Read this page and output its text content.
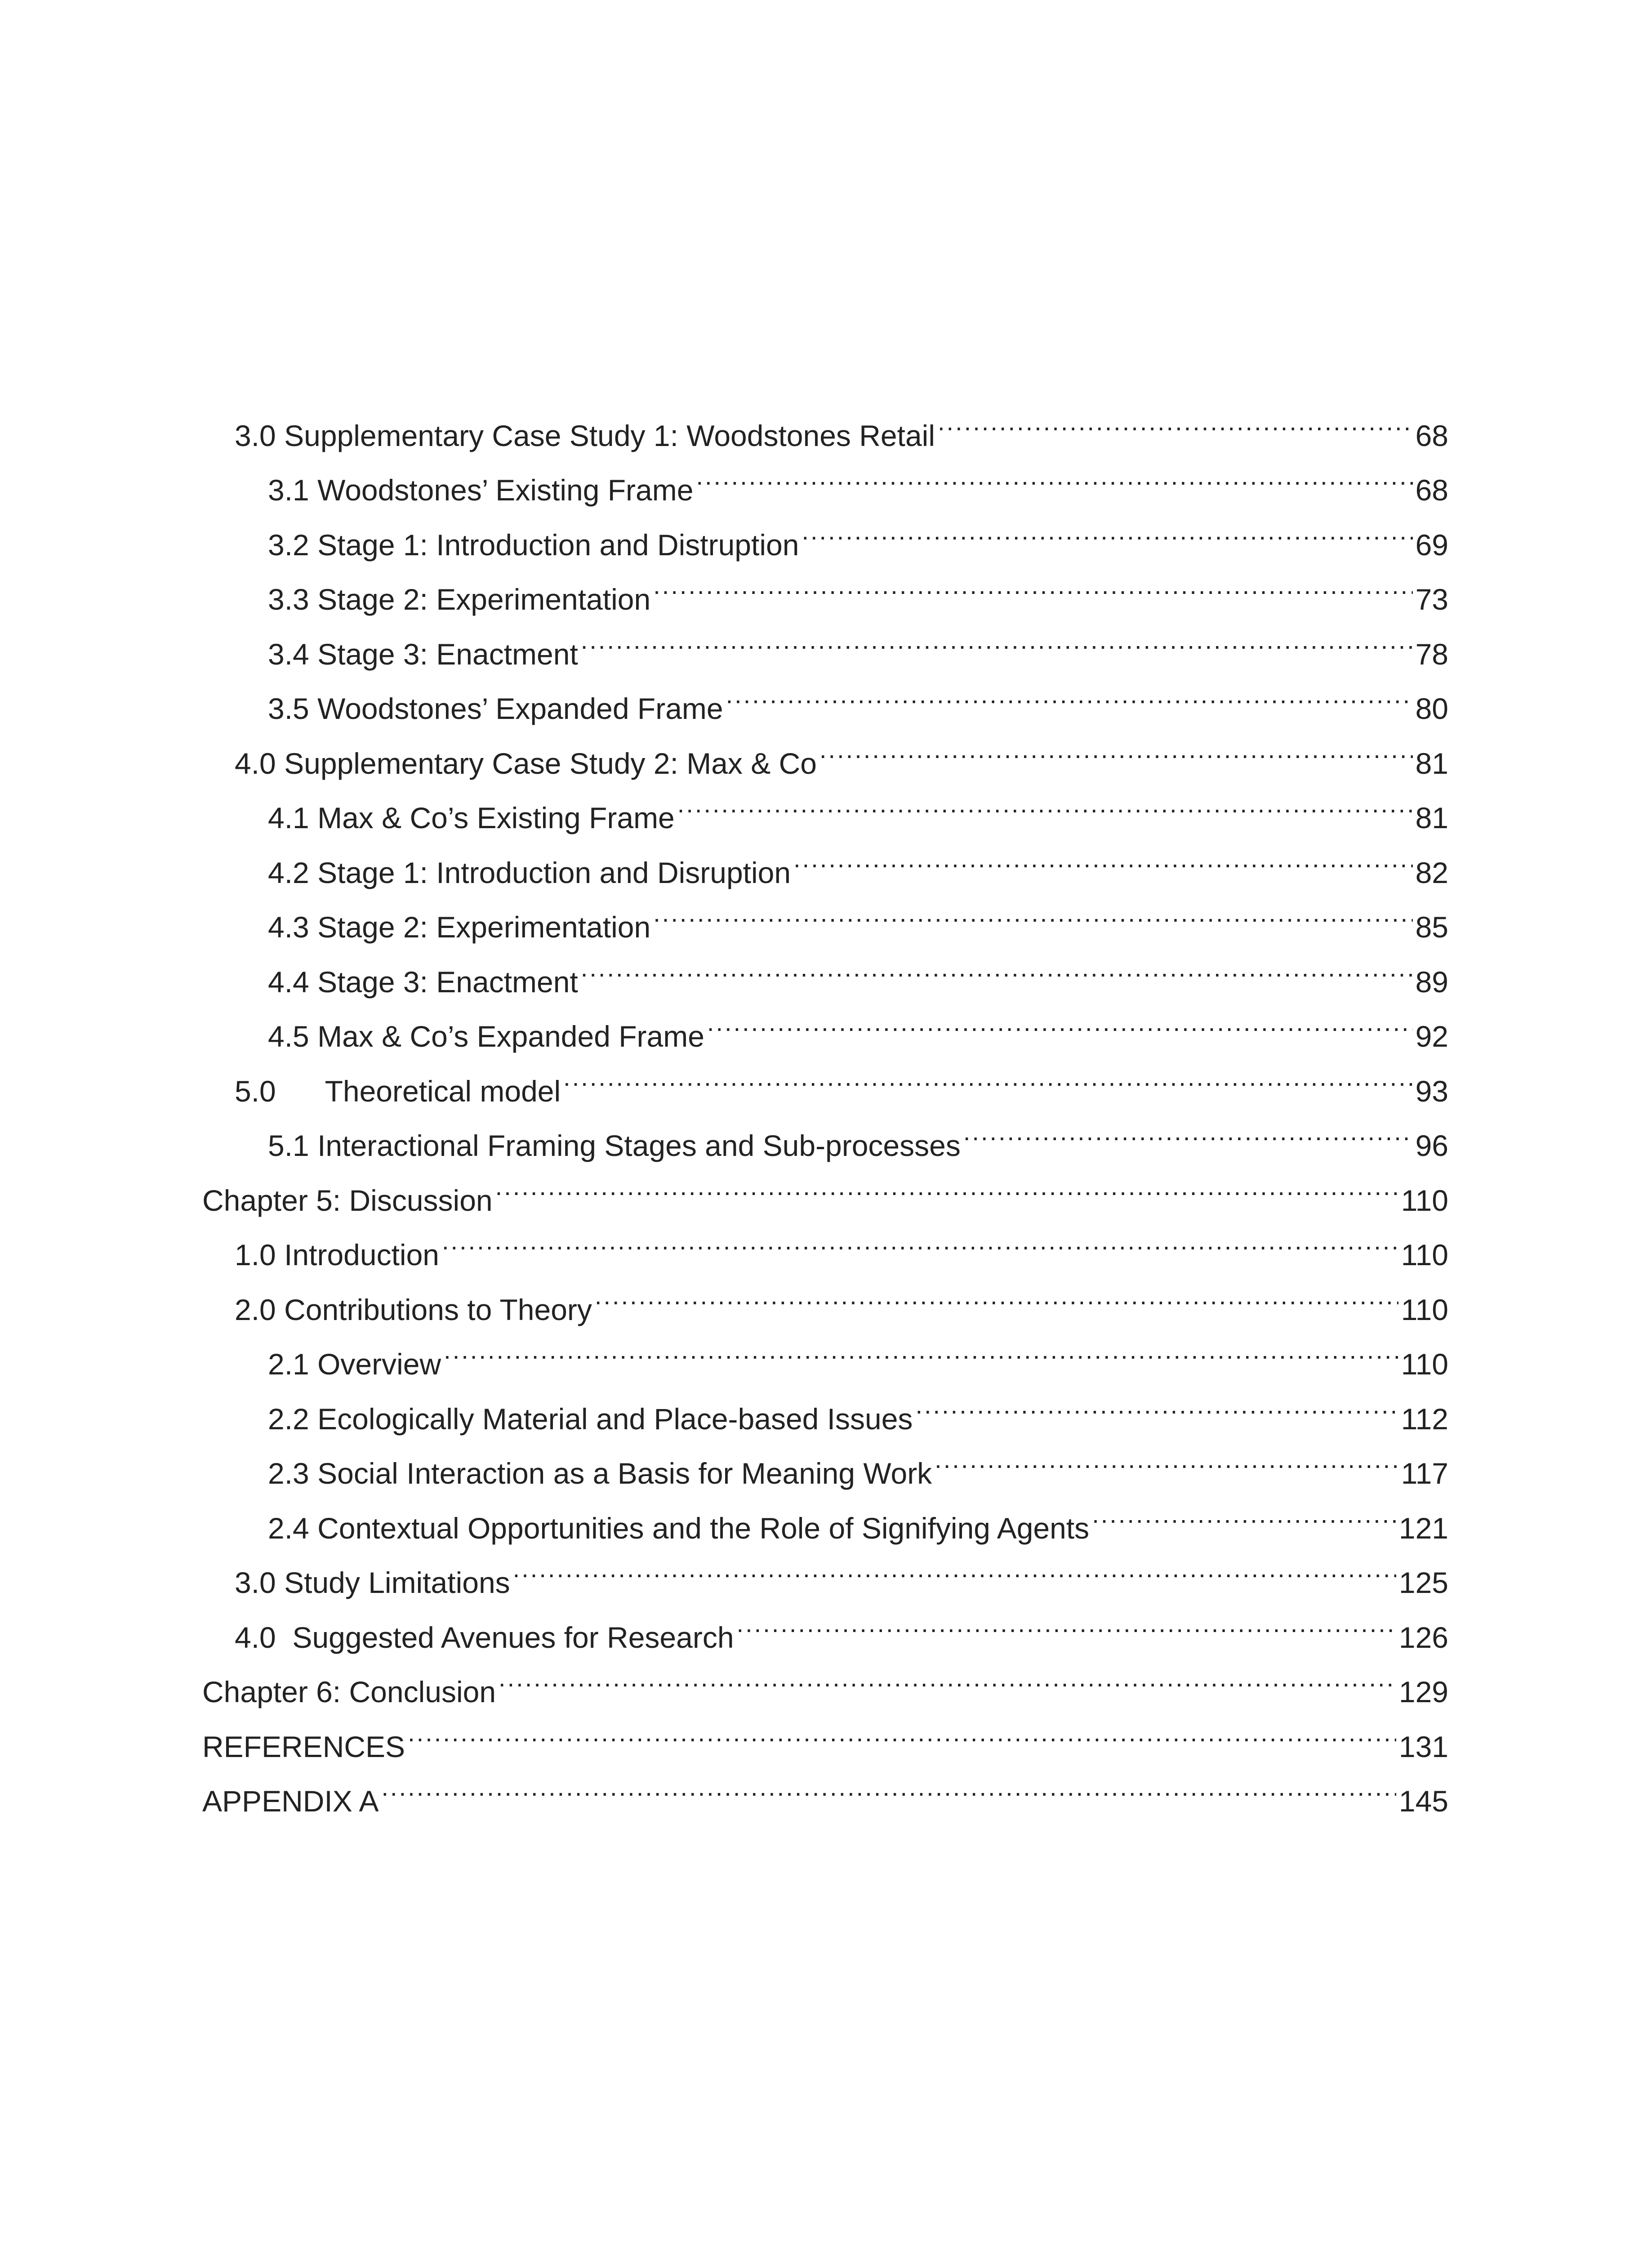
3.0 Supplementary Case Study 1: Woodstones Retail .....	68
3.1 Woodstones’ Existing Frame .....	68
3.2 Stage 1: Introduction and Distruption .....	69
3.3 Stage 2: Experimentation .....	73
3.4 Stage 3: Enactment .....	78
3.5 Woodstones’ Expanded Frame .....	80
4.0 Supplementary Case Study 2: Max & Co .....	81
4.1 Max & Co’s Existing Frame .....	81
4.2 Stage 1: Introduction and Disruption .....	82
4.3 Stage 2: Experimentation .....	85
4.4 Stage 3: Enactment .....	89
4.5 Max & Co’s Expanded Frame .....	92
5.0      Theoretical model .....	93
5.1 Interactional Framing Stages and Sub-processes .....	96
Chapter 5: Discussion .....	110
1.0 Introduction .....	110
2.0 Contributions to Theory .....	110
2.1 Overview .....	110
2.2 Ecologically Material and Place-based Issues .....	112
2.3 Social Interaction as a Basis for Meaning Work .....	117
2.4 Contextual Opportunities and the Role of Signifying Agents .....	121
3.0 Study Limitations .....	125
4.0  Suggested Avenues for Research .....	126
Chapter 6: Conclusion .....	129
REFERENCES .....	131
APPENDIX A .....	145
